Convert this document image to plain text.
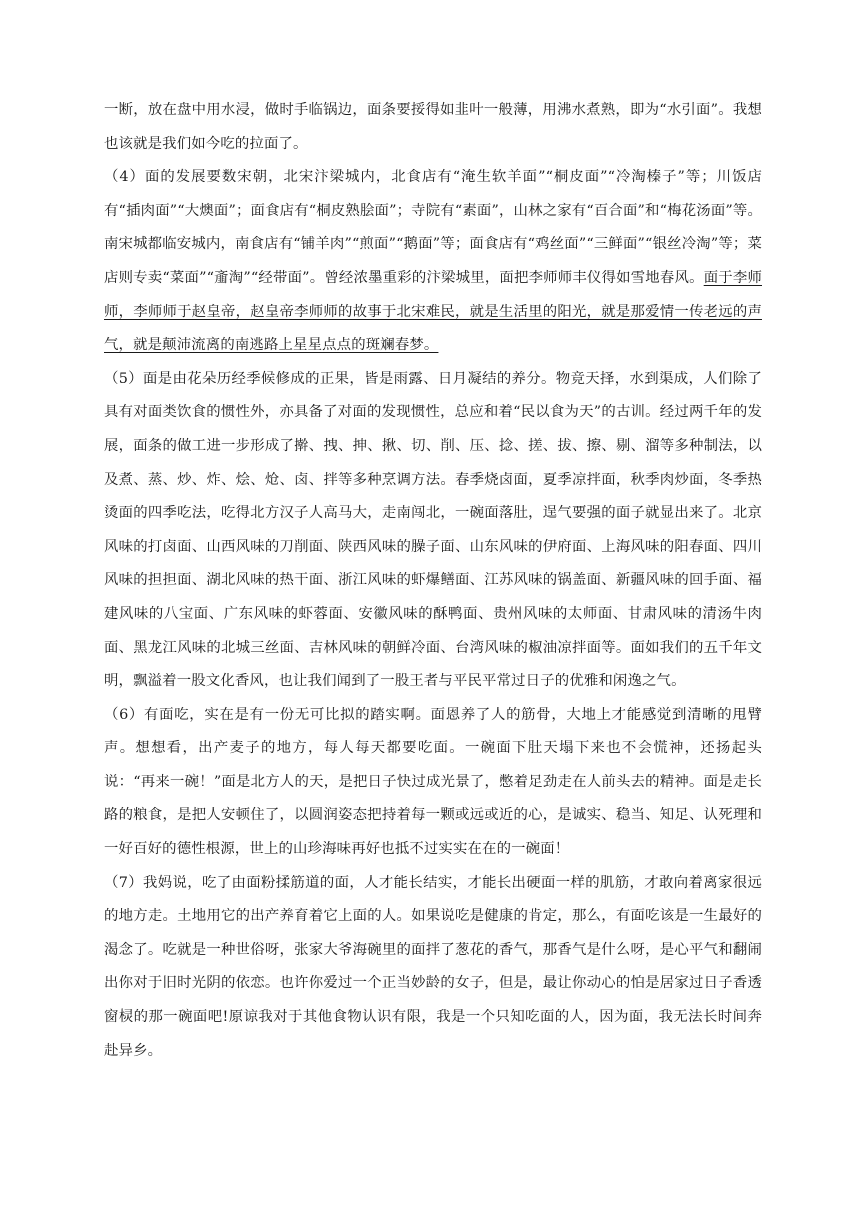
一断，放在盘中用水浸，做时手临锅边，面条要挼得如韭叶一般薄，用沸水煮熟，即为“水引面”。我想也该就是我们如今吃的拉面了。

（4）面的发展要数宋朝，北宋汴梁城内，北食店有“淹生软羊面”“桐皮面”“冷淘榛子”等；川饭店有“插肉面”“大燠面”；面食店有“桐皮熟脍面”；寺院有“素面”，山林之家有“百合面”和“梅花汤面”等。南宋城都临安城内，南食店有“铺羊肉”“煎面”“鹅面”等；面食店有“鸡丝面”“三鲜面”“银丝冷淘”等；菜店则专卖“菜面”“齑淘”“经带面”。曾经浓墨重彩的汴梁城里，面把李师师丰仪得如雪地春风。面于李师师，李师师于赵皇帝，赵皇帝李师师的故事于北宋难民，就是生活里的阳光，就是那爱情一传老远的声气，就是颠沛流离的南逃路上星星点点的斑斓春梦。

（5）面是由花朵历经季候修成的正果，皆是雨露、日月凝结的养分。物竞天择，水到渠成，人们除了具有对面类饮食的惯性外，亦具备了对面的发现惯性，总应和着“民以食为天”的古训。经过两千年的发展，面条的做工进一步形成了擀、拽、抻、揪、切、削、压、捻、搓、拔、擦、剔、溜等多种制法，以及煮、蒸、炒、炸、烩、炝、卤、拌等多种烹调方法。春季烧卤面，夏季凉拌面，秋季肉炒面，冬季热烫面的四季吃法，吃得北方汉子人高马大，走南闯北，一碗面落肚，逞气要强的面子就显出来了。北京风味的打卤面、山西风味的刀削面、陕西风味的臊子面、山东风味的伊府面、上海风味的阳春面、四川风味的担担面、湖北风味的热干面、浙江风味的虾爆鳝面、江苏风味的锅盖面、新疆风味的回手面、福建风味的八宝面、广东风味的虾蓉面、安徽风味的酥鸭面、贵州风味的太师面、甘肃风味的清汤牛肉面、黑龙江风味的北城三丝面、吉林风味的朝鲜冷面、台湾风味的椒油凉拌面等。面如我们的五千年文明，飘溢着一股文化香风，也让我们闻到了一股王者与平民平常过日子的优雅和闲逸之气。

（6）有面吃，实在是有一份无可比拟的踏实啊。面恩养了人的筋骨，大地上才能感觉到清晰的甩臂声。想想看，出产麦子的地方，每人每天都要吃面。一碗面下肚天塌下来也不会慌神，还扬起头说：“再来一碗！”面是北方人的天，是把日子快过成光景了，憋着足劲走在人前头去的精神。面是走长路的粮食，是把人安顿住了，以圆润姿态把持着每一颗或远或近的心，是诚实、稳当、知足、认死理和一好百好的德性根源，世上的山珍海味再好也抵不过实实在在的一碗面！

（7）我妈说，吃了由面粉揉筋道的面，人才能长结实，才能长出硬面一样的肌筋，才敢向着离家很远的地方走。土地用它的出产养育着它上面的人。如果说吃是健康的肯定，那么，有面吃该是一生最好的渴念了。吃就是一种世俗呀，张家大爷海碗里的面拌了葱花的香气，那香气是什么呀，是心平气和翻闹出你对于旧时光阴的依恋。也许你爱过一个正当妙龄的女子，但是，最让你动心的怕是居家过日子香透窗棂的那一碗面吧!原谅我对于其他食物认识有限，我是一个只知吃面的人，因为面，我无法长时间奔赴异乡。
